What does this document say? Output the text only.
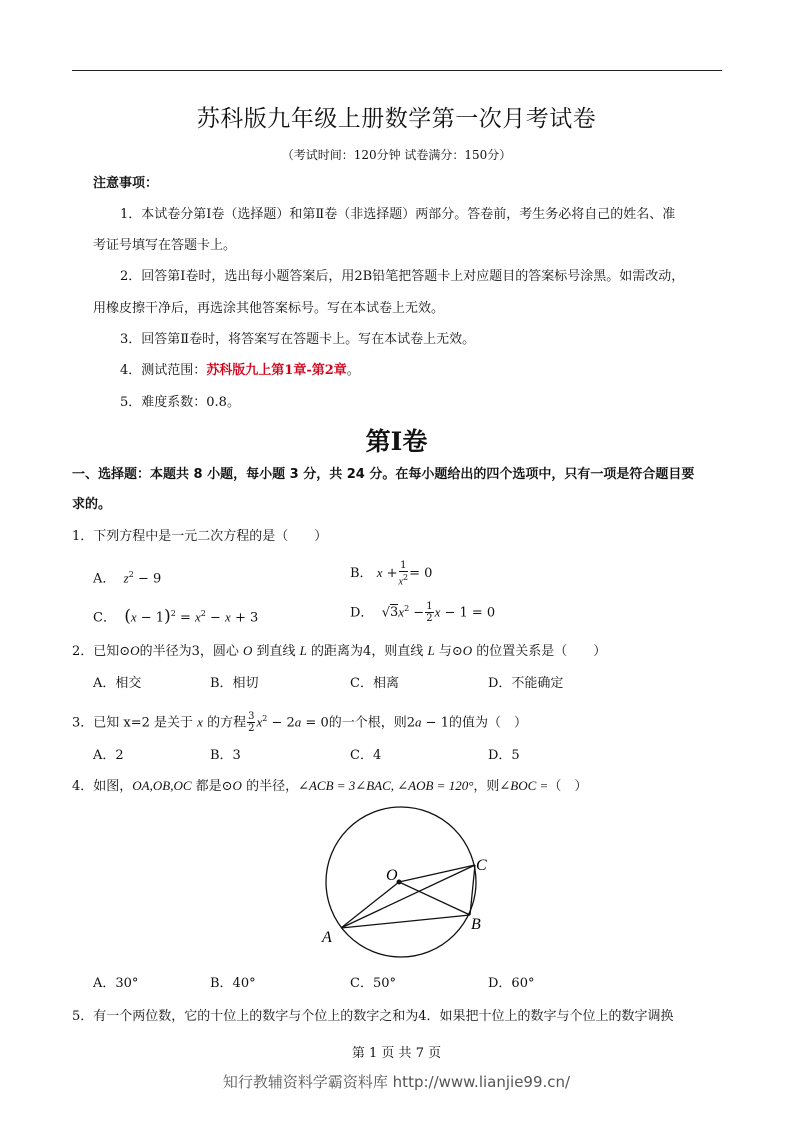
苏科版九年级上册数学第一次月考试卷
（考试时间：120分钟 试卷满分：150分）
注意事项：
1．本试卷分第Ⅰ卷（选择题）和第Ⅱ卷（非选择题）两部分。答卷前，考生务必将自己的姓名、准
考证号填写在答题卡上。
2．回答第Ⅰ卷时，选出每小题答案后，用2B铅笔把答题卡上对应题目的答案标号涂黑。如需改动，
用橡皮擦干净后，再选涂其他答案标号。写在本试卷上无效。
3．回答第Ⅱ卷时，将答案写在答题卡上。写在本试卷上无效。
4．测试范围：苏科版九上第1章-第2章。
5．难度系数：0.8。
第Ⅰ卷
一、选择题：本题共 8 小题，每小题 3 分，共 24 分。在每小题给出的四个选项中，只有一项是符合题目要
求的。
1．下列方程中是一元二次方程的是（　　）
A． $z^2 - 9$	B． $x + \frac{1}{x^2} = 0$
C． $(x - 1)^2 = x^2 - x + 3$	D．  $√3x^2 - \frac{1}{2}$ x − 1 = 0
2．已知⊙O的半径为3，圆心 O 到直线 L 的距离为4，则直线 L 与⊙O 的位置关系是（　　）
A．相交	B．相切	C．相离	D．不能确定
3．已知 x=2 是关于 x 的方程 $\frac{3}{2} x^2 - 2a = 0$的一个根，则2a − 1的值为（　）
A．2	B．3	C．4	D．5
4．如图，OA,OB,OC 都是⊙O 的半径，∠ACB = 3∠BAC, ∠AOB = 120°，则∠BOC =（　）
O
A
B
C
A．30°	B．40°	C．50°	D．60°
5．有一个两位数，它的十位上的数字与个位上的数字之和为4．如果把十位上的数字与个位上的数字调换
第 1 页 共 7 页
知行教辅资料学霸资料库 http://www.lianjie99.cn/
